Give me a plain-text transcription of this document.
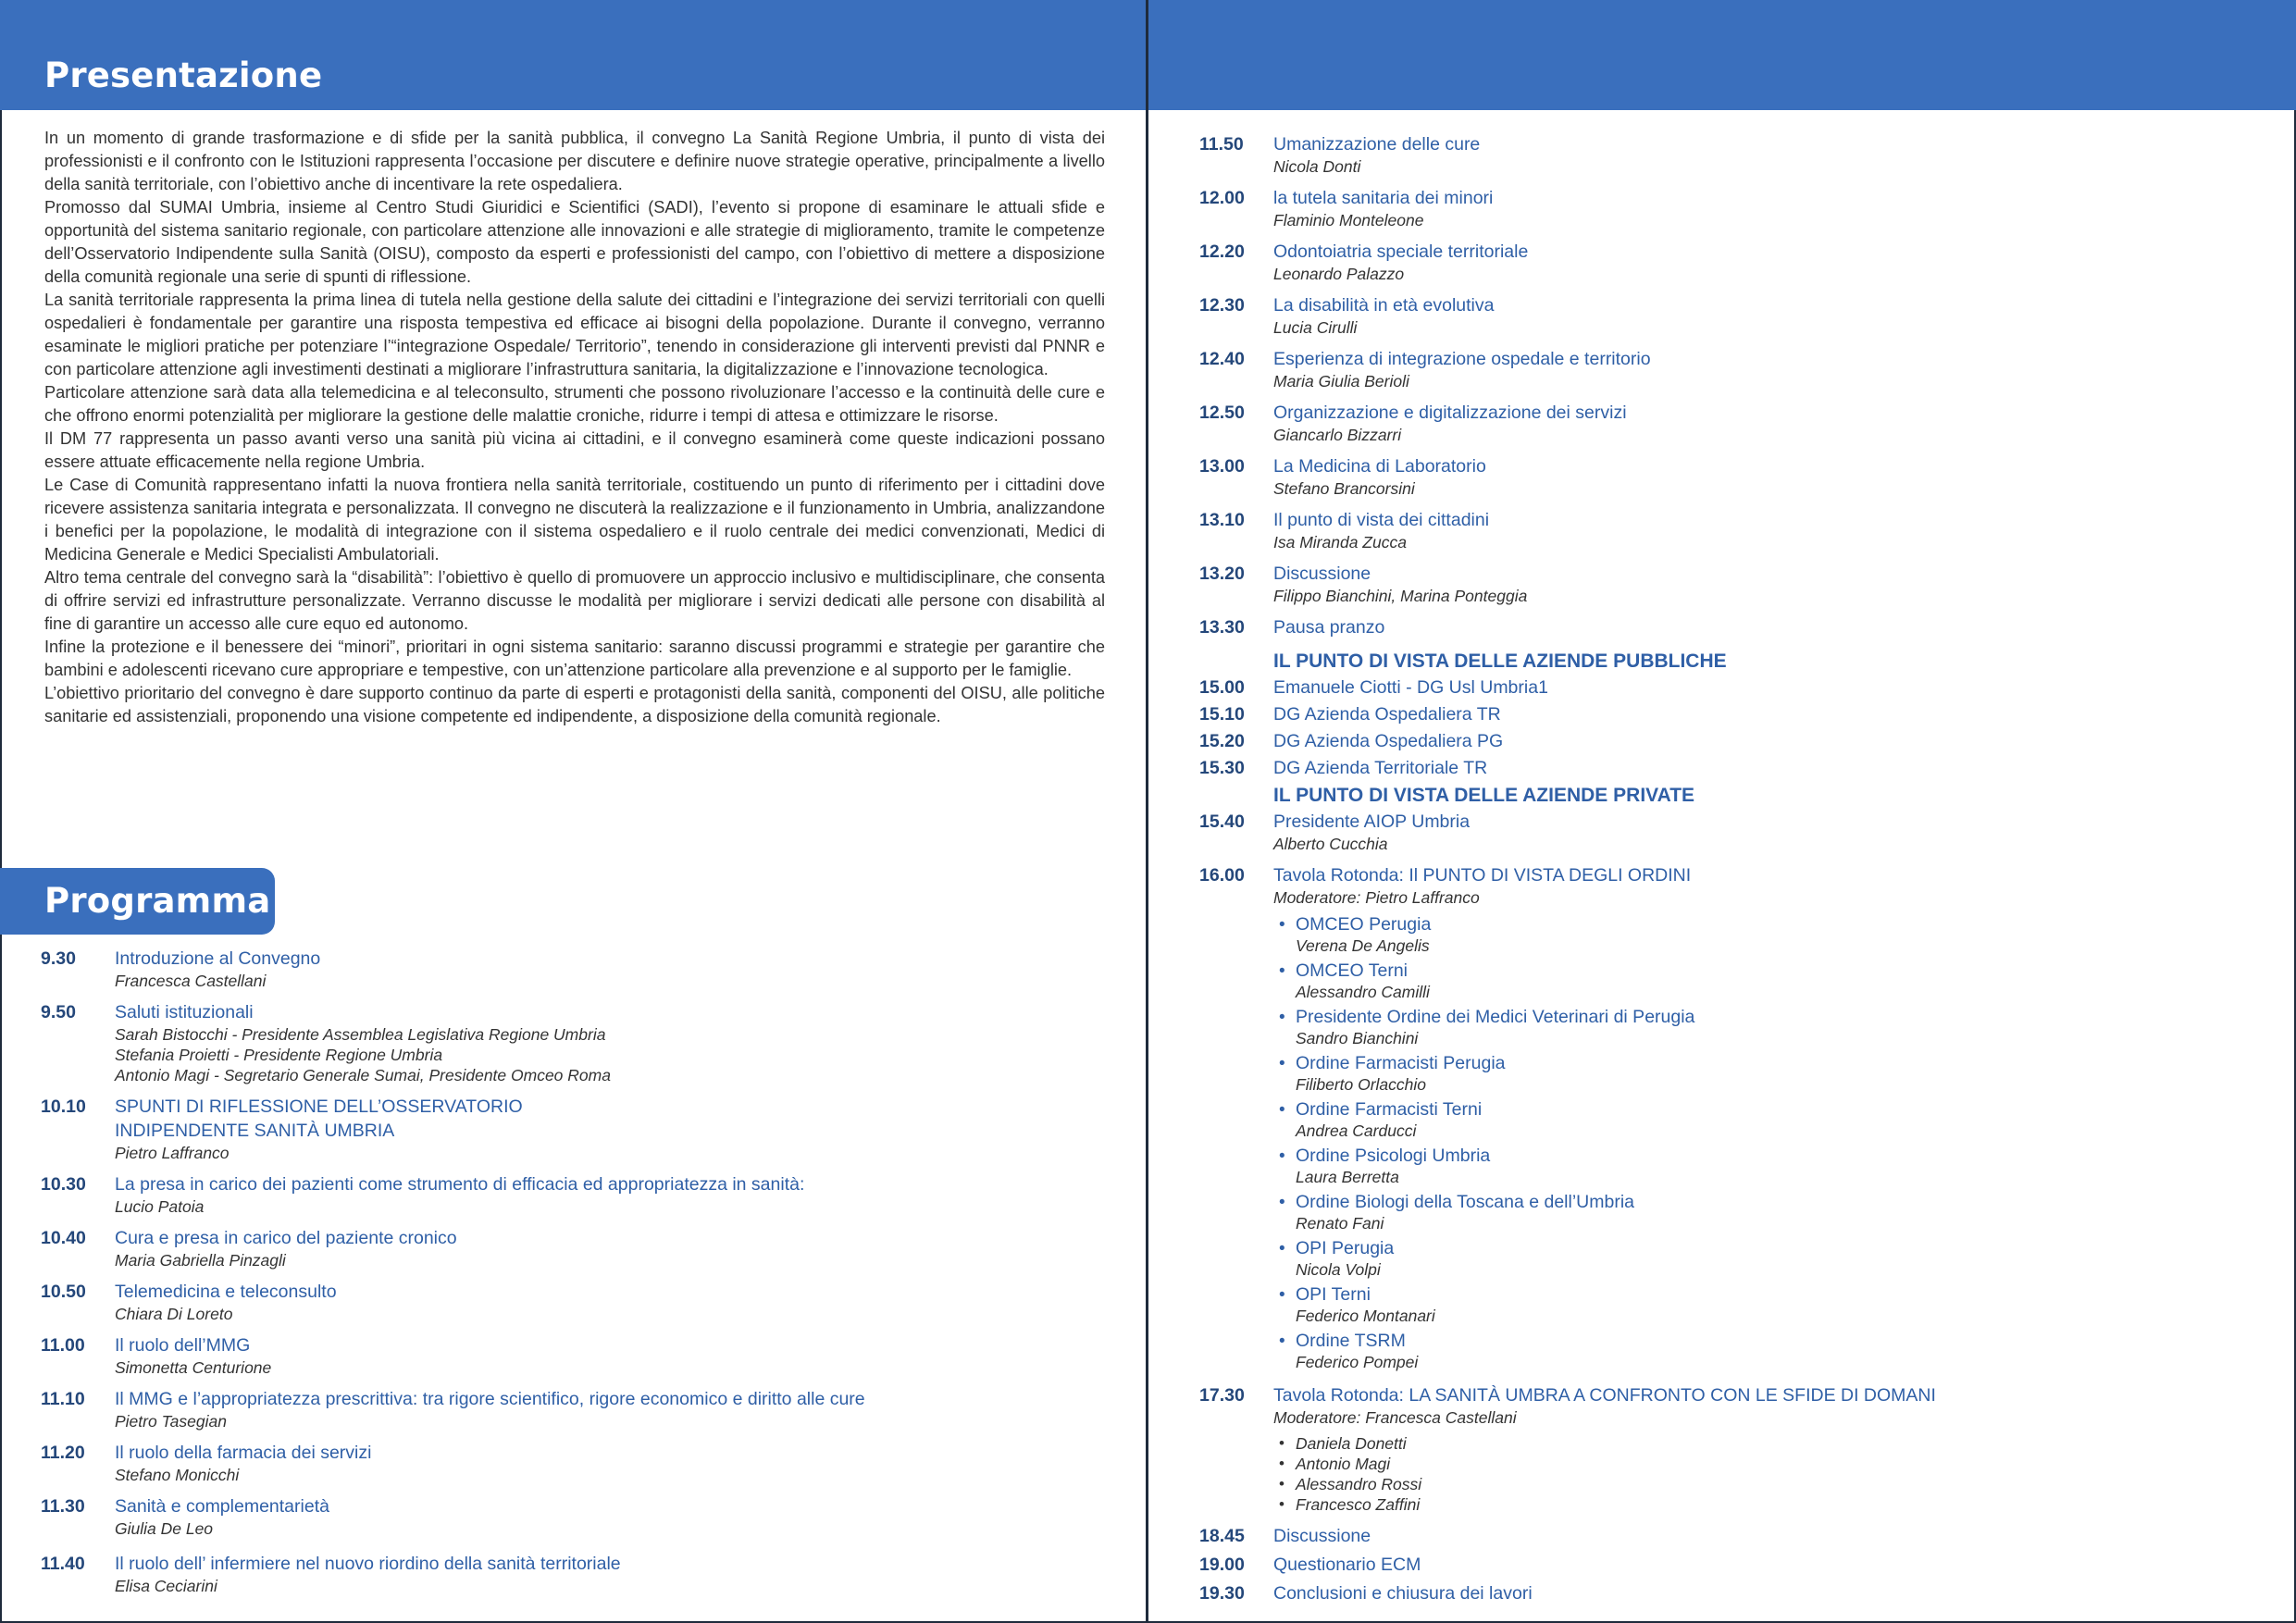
Presentazione

In un momento di grande trasformazione e di sfide per la sanità pubblica, il convegno La Sanità Regione Umbria, il punto di vista dei professionisti e il confronto con le Istituzioni rappresenta l’occasione per discutere e definire nuove strategie operative, principalmente a livello della sanità territoriale, con l’obiettivo anche di incentivare la rete ospedaliera.

Promosso dal SUMAI Umbria, insieme al Centro Studi Giuridici e Scientifici (SADI), l’evento si propone di esaminare le attuali sfide e opportunità del sistema sanitario regionale, con particolare attenzione alle innovazioni e alle strategie di miglioramento, tramite le competenze dell’Osservatorio Indipendente sulla Sanità (OISU), composto da esperti e professionisti del campo, con l’obiettivo di mettere a disposizione della comunità regionale una serie di spunti di riflessione.

La sanità territoriale rappresenta la prima linea di tutela nella gestione della salute dei cittadini e l’integrazione dei servizi territoriali con quelli ospedalieri è fondamentale per garantire una risposta tempestiva ed efficace ai bisogni della popolazione. Durante il convegno, verranno esaminate le migliori pratiche per potenziare l’“integrazione Ospedale/ Territorio”, tenendo in considerazione gli interventi previsti dal PNNR e con particolare attenzione agli investimenti destinati a migliorare l’infrastruttura sanitaria, la digitalizzazione e l’innovazione tecnologica.

Particolare attenzione sarà data alla telemedicina e al teleconsulto, strumenti che possono rivoluzionare l’accesso e la continuità delle cure e che offrono enormi potenzialità per migliorare la gestione delle malattie croniche, ridurre i tempi di attesa e ottimizzare le risorse.

Il DM 77 rappresenta un passo avanti verso una sanità più vicina ai cittadini, e il convegno esaminerà come queste indicazioni possano essere attuate efficacemente nella regione Umbria.

Le Case di Comunità rappresentano infatti la nuova frontiera nella sanità territoriale, costituendo un punto di riferimento per i cittadini dove ricevere assistenza sanitaria integrata e personalizzata. Il convegno ne discuterà la realizzazione e il funzionamento in Umbria, analizzandone i benefici per la popolazione, le modalità di integrazione con il sistema ospedaliero e il ruolo centrale dei medici convenzionati, Medici di Medicina Generale e Medici Specialisti Ambulatoriali.

Altro tema centrale del convegno sarà la “disabilità”: l’obiettivo è quello di promuovere un approccio inclusivo e multidisciplinare, che consenta di offrire servizi ed infrastrutture personalizzate. Verranno discusse le modalità per migliorare i servizi dedicati alle persone con disabilità al fine di garantire un accesso alle cure equo ed autonomo.

Infine la protezione e il benessere dei “minori”, prioritari in ogni sistema sanitario: saranno discussi programmi e strategie per garantire che bambini e adolescenti ricevano cure appropriare e tempestive, con un’attenzione particolare alla prevenzione e al supporto per le famiglie.

L’obiettivo prioritario del convegno è dare supporto continuo da parte di esperti e protagonisti della sanità, componenti del OISU, alle politiche sanitarie ed assistenziali, proponendo una visione competente ed indipendente, a disposizione della comunità regionale.

Programma
9.30	Introduzione al Convegno
Francesca Castellani
9.50	Saluti istituzionali
Sarah Bistocchi - Presidente Assemblea Legislativa Regione Umbria
Stefania Proietti - Presidente Regione Umbria
Antonio Magi - Segretario Generale Sumai, Presidente Omceo Roma
10.10	SPUNTI DI RIFLESSIONE DELL’OSSERVATORIO
INDIPENDENTE SANITÀ UMBRIA
Pietro Laffranco
10.30	La presa in carico dei pazienti come strumento di efficacia ed appropriatezza in sanità:
Lucio Patoia
10.40	Cura e presa in carico del paziente cronico
Maria Gabriella Pinzagli
10.50	Telemedicina e teleconsulto
Chiara Di Loreto
11.00	Il ruolo dell’MMG
Simonetta Centurione
11.10	Il MMG e l’appropriatezza prescrittiva: tra rigore scientifico, rigore economico e diritto alle cure
Pietro Tasegian
11.20	Il ruolo della farmacia dei servizi
Stefano Monicchi
11.30	Sanità e complementarietà
Giulia De Leo
11.40	Il ruolo dell’ infermiere nel nuovo riordino della sanità territoriale
Elisa Ceciarini
11.50	Umanizzazione delle cure
Nicola Donti
12.00	la tutela sanitaria dei minori
Flaminio Monteleone
12.20	Odontoiatria speciale territoriale
Leonardo Palazzo
12.30	La disabilità in età evolutiva
Lucia Cirulli
12.40	Esperienza di integrazione ospedale e territorio
Maria Giulia Berioli
12.50	Organizzazione e digitalizzazione dei servizi
Giancarlo Bizzarri
13.00	La Medicina di Laboratorio
Stefano Brancorsini
13.10	Il punto di vista dei cittadini
Isa Miranda Zucca
13.20	Discussione
Filippo Bianchini, Marina Ponteggia
13.30	Pausa pranzo
IL PUNTO DI VISTA DELLE AZIENDE PUBBLICHE
15.00	Emanuele Ciotti - DG Usl Umbria1
15.10	DG Azienda Ospedaliera TR
15.20	DG Azienda Ospedaliera PG
15.30	DG Azienda Territoriale TR
IL PUNTO DI VISTA DELLE AZIENDE PRIVATE
15.40	Presidente AIOP Umbria
Alberto Cucchia
16.00	Tavola Rotonda: Il PUNTO DI VISTA DEGLI ORDINI
Moderatore: Pietro Laffranco
• OMCEO Perugia
Verena De Angelis
• OMCEO Terni
Alessandro Camilli
• Presidente Ordine dei Medici Veterinari di Perugia
Sandro Bianchini
• Ordine Farmacisti Perugia
Filiberto Orlacchio
• Ordine Farmacisti Terni
Andrea Carducci
• Ordine Psicologi Umbria
Laura Berretta
• Ordine Biologi della Toscana e dell’Umbria
Renato Fani
• OPI Perugia
Nicola Volpi
• OPI Terni
Federico Montanari
• Ordine TSRM
Federico Pompei
17.30	Tavola Rotonda: LA SANITÀ UMBRA A CONFRONTO CON LE SFIDE DI DOMANI
Moderatore: Francesca Castellani
• Daniela Donetti
• Antonio Magi
• Alessandro Rossi
• Francesco Zaffini
18.45	Discussione
19.00	Questionario ECM
19.30	Conclusioni e chiusura dei lavori
